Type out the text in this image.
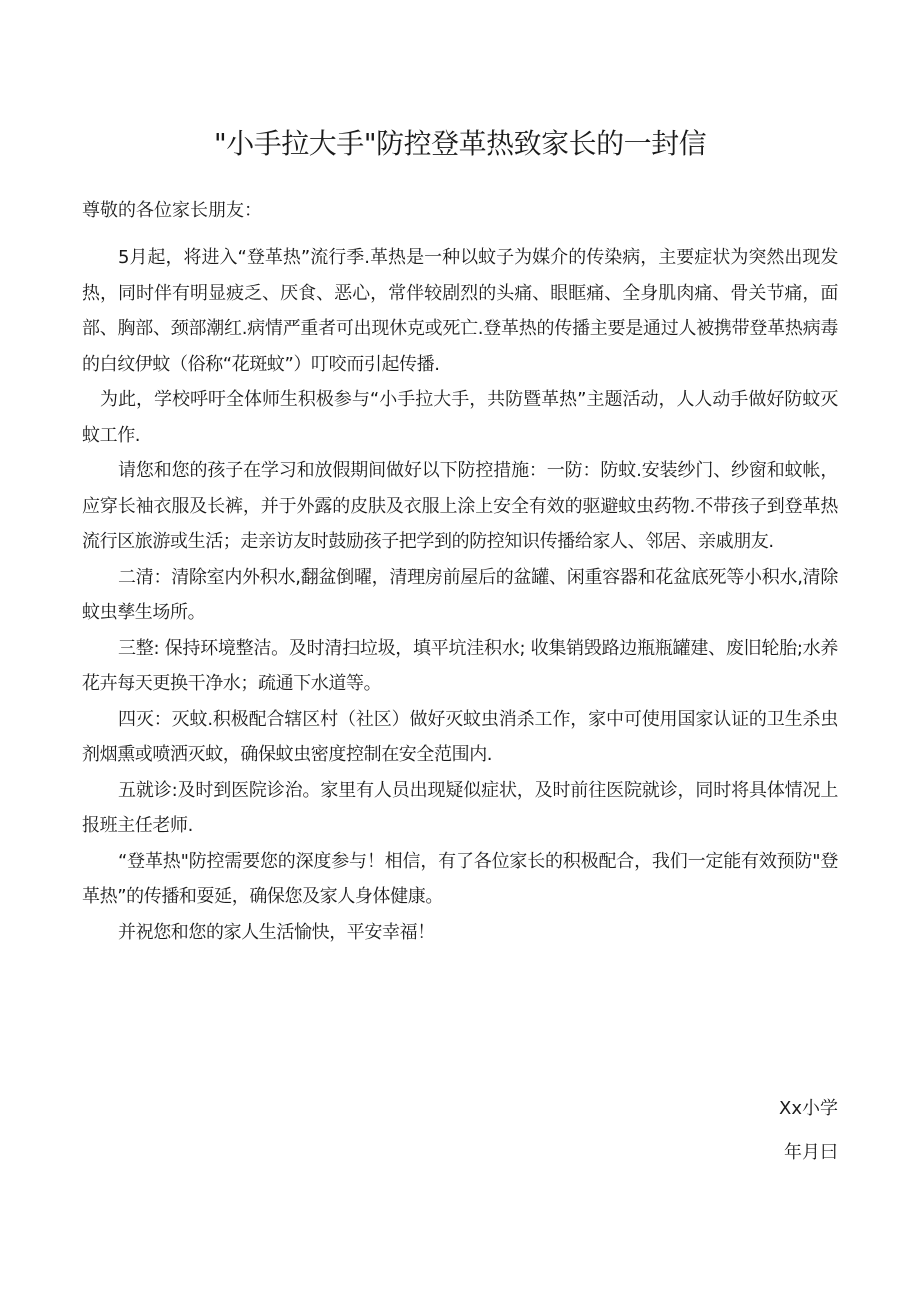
"小手拉大手"防控登革热致家长的一封信
尊敬的各位家长朋友：

5月起，将进入“登革热”流行季.革热是一种以蚊子为媒介的传染病，主要症状为突然出现发热，同时伴有明显疲乏、厌食、恶心，常伴较剧烈的头痛、眼眶痛、全身肌肉痛、骨关节痛，面部、胸部、颈部潮红.病情严重者可出现休克或死亡.登革热的传播主要是通过人被携带登革热病毒的白纹伊蚊（俗称“花斑蚊”）叮咬而引起传播.

为此，学校呼吁全体师生积极参与“小手拉大手，共防暨革热”主题活动，人人动手做好防蚊灭蚊工作.

请您和您的孩子在学习和放假期间做好以下防控措施：一防：防蚊.安装纱门、纱窗和蚊帐，应穿长袖衣服及长裤，并于外露的皮肤及衣服上涂上安全有效的驱避蚊虫药物.不带孩子到登革热流行区旅游或生活；走亲访友时鼓励孩子把学到的防控知识传播给家人、邻居、亲戚朋友.

二清：清除室内外积水,翻盆倒曜，清理房前屋后的盆罐、闲重容器和花盆底死等小积水,清除蚊虫孳生场所。

三整: 保持环境整洁。及时清扫垃圾，填平坑洼积水; 收集销毁路边瓶瓶罐建、废旧轮胎;水养花卉每天更换干净水；疏通下水道等。

四灭：灭蚊.积极配合辖区村（社区）做好灭蚊虫消杀工作，家中可使用国家认证的卫生杀虫剂烟熏或喷洒灭蚊，确保蚊虫密度控制在安全范围内.

五就诊:及时到医院诊治。家里有人员出现疑似症状，及时前往医院就诊，同时将具体情况上报班主任老师.

“登革热"防控需要您的深度参与！相信，有了各位家长的积极配合，我们一定能有效预防"登革热”的传播和耍延，确保您及家人身体健康。

并祝您和您的家人生活愉快，平安幸福！

Xx小学
年月曰
